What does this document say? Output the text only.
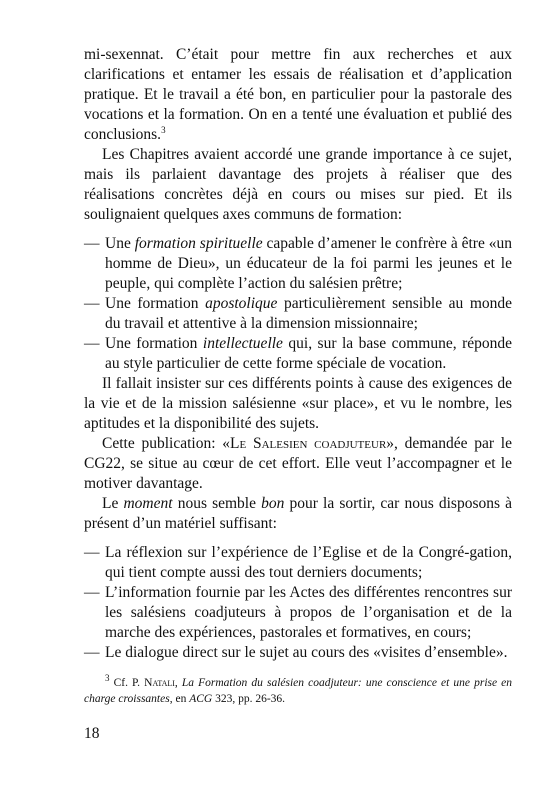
mi-sexennat. C’était pour mettre fin aux recherches et aux clarifications et entamer les essais de réalisation et d’application pratique. Et le travail a été bon, en particulier pour la pastorale des vocations et la formation. On en a tenté une évaluation et publié des conclusions.$^3$

Les Chapitres avaient accordé une grande importance à ce sujet, mais ils parlaient davantage des projets à réaliser que des réalisations concrètes déjà en cours ou mises sur pied. Et ils soulignaient quelques axes communs de formation:

— Une formation spirituelle capable d’amener le confrère à être «un homme de Dieu», un éducateur de la foi parmi les jeunes et le peuple, qui complète l’action du salésien prêtre;

— Une formation apostolique particulièrement sensible au monde du travail et attentive à la dimension missionnaire;

— Une formation intellectuelle qui, sur la base commune, réponde au style particulier de cette forme spéciale de vocation.

Il fallait insister sur ces différents points à cause des exigences de la vie et de la mission salésienne «sur place», et vu le nombre, les aptitudes et la disponibilité des sujets.

Cette publication: «Le Salesien coadjuteur», demandée par le CG22, se situe au cœur de cet effort. Elle veut l’accompagner et le motiver davantage.

Le moment nous semble bon pour la sortir, car nous disposons à présent d’un matériel suffisant:

— La réflexion sur l’expérience de l’Eglise et de la Congré-gation, qui tient compte aussi des tout derniers documents;

— L’information fournie par les Actes des différentes rencontres sur les salésiens coadjuteurs à propos de l’organisation et de la marche des expériences, pastorales et formatives, en cours;

— Le dialogue direct sur le sujet au cours des «visites d’ensemble».

$^3$ Cf. P. Natali, La Formation du salésien coadjuteur: une conscience et une prise en charge croissantes, en ACG 323, pp. 26-36.
18
